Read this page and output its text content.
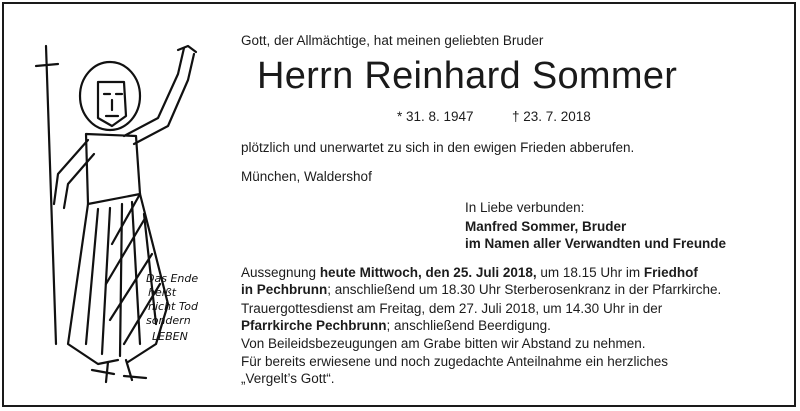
Das Ende
heißt
nicht Tod
sondern
LEBEN
Gott, der Allmächtige, hat meinen geliebten Bruder
Herrn Reinhard Sommer
* 31. 8. 1947	† 23. 7. 2018
plötzlich und unerwartet zu sich in den ewigen Frieden abberufen.
München, Waldershof
In Liebe verbunden:
Manfred Sommer, Bruder
im Namen aller Verwandten und Freunde
Aussegnung heute Mittwoch, den 25. Juli 2018, um 18.15 Uhr im Friedhof
in Pechbrunn; anschließend um 18.30 Uhr Sterberosenkranz in der Pfarrkirche.
Trauergottesdienst am Freitag, dem 27. Juli 2018, um 14.30 Uhr in der
Pfarrkirche Pechbrunn; anschließend Beerdigung.
Von Beileidsbezeugungen am Grabe bitten wir Abstand zu nehmen.
Für bereits erwiesene und noch zugedachte Anteilnahme ein herzliches
„Vergelt’s Gott“.
